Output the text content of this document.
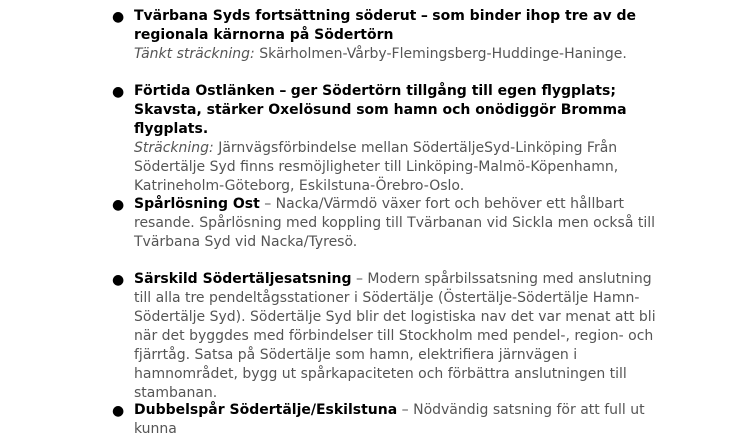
● Tvärbana Syds fortsättning söderut – som binder ihop tre av de regionala kärnorna på Södertörn
Tänkt sträckning: Skärholmen-Vårby-Flemingsberg-Huddinge-Haninge.
● Förtida Ostlänken – ger Södertörn tillgång till egen flygplats; Skavsta, stärker Oxelösund som hamn och onödiggör Bromma flygplats.
Sträckning: Järnvägsförbindelse mellan SödertäljeSyd-Linköping Från Södertälje Syd finns resmöjligheter till Linköping-Malmö-Köpenhamn, Katrineholm-Göteborg, Eskilstuna-Örebro-Oslo.
● Spårlösning Ost – Nacka/Värmdö växer fort och behöver ett hållbart resande. Spårlösning med koppling till Tvärbanan vid Sickla men också till Tvärbana Syd vid Nacka/Tyresö.
● Särskild Södertäljesatsning – Modern spårbilssatsning med anslutning till alla tre pendeltågsstationer i Södertälje (Östertälje-Södertälje Hamn-Södertälje Syd). Södertälje Syd blir det logistiska nav det var menat att bli när det byggdes med förbindelser till Stockholm med pendel-, region- och fjärrtåg. Satsa på Södertälje som hamn, elektrifiera järnvägen i hamnområdet, bygg ut spårkapaciteten och förbättra anslutningen till stambanan.
● Dubbelspår Södertälje/Eskilstuna – Nödvändig satsning för att full ut kunna
